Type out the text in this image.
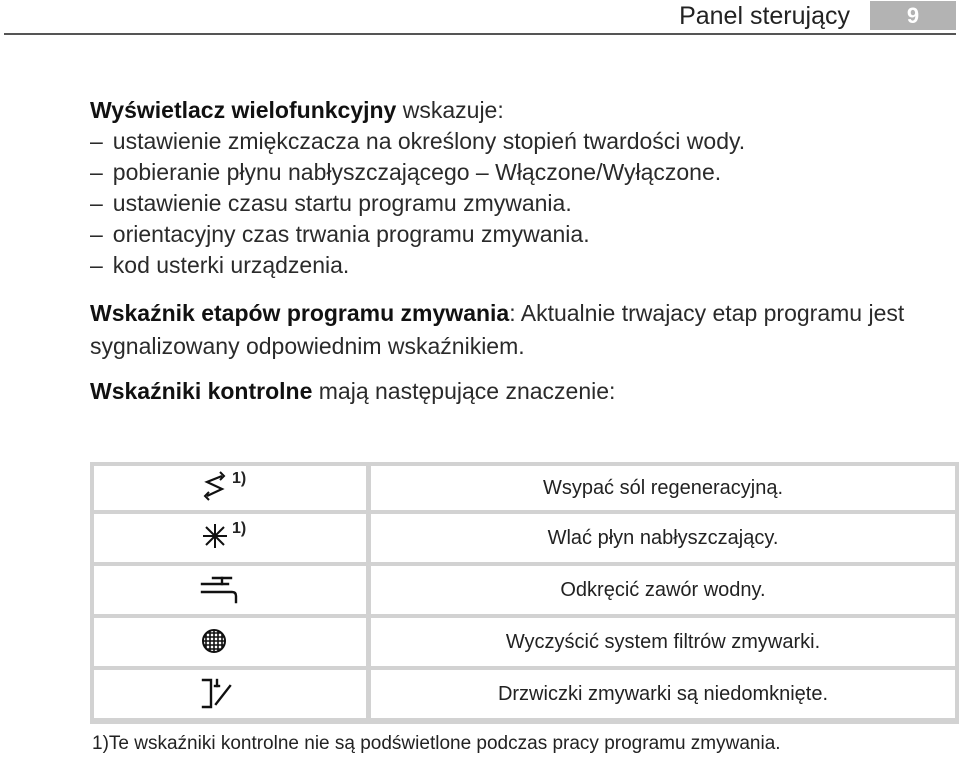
Panel sterujący	9
Wyświetlacz wielofunkcyjny wskazuje:
– ustawienie zmiękczacza na określony stopień twardości wody.
– pobieranie płynu nabłyszczającego – Włączone/Wyłączone.
– ustawienie czasu startu programu zmywania.
– orientacyjny czas trwania programu zmywania.
– kod usterki urządzenia.
Wskaźnik etapów programu zmywania: Aktualnie trwajacy etap programu jest sygnalizowany odpowiednim wskaźnikiem.
Wskaźniki kontrolne mają następujące znaczenie:
1)	Wsypać sól regeneracyjną.
1)	Wlać płyn nabłyszczający.
Odkręcić zawór wodny.
Wyczyścić system filtrów zmywarki.
Drzwiczki zmywarki są niedomknięte.
1)Te wskaźniki kontrolne nie są podświetlone podczas pracy programu zmywania.
